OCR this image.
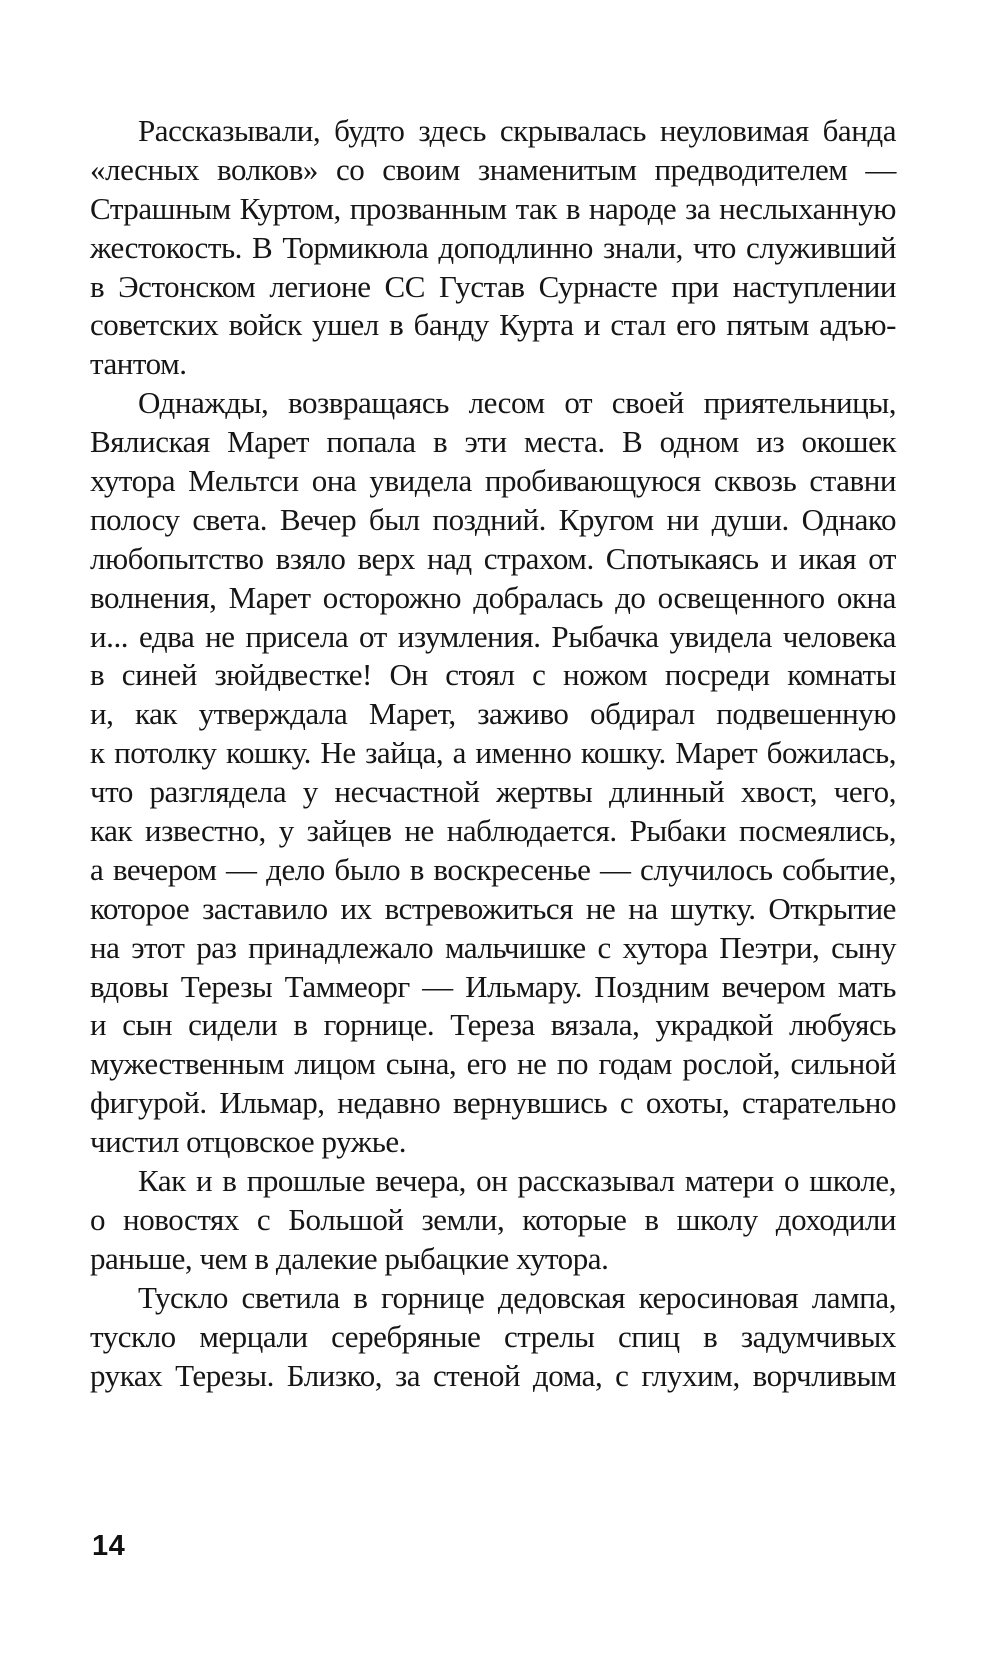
Рассказывали, будто здесь скрывалась неуловимая банда
«лесных волков» со своим знаменитым предводителем —
Страшным Куртом, прозванным так в народе за неслыханную
жестокость. В Тормикюла доподлинно знали, что служивший
в Эстонском легионе СС Густав Сурнасте при наступлении
советских войск ушел в банду Курта и стал его пятым адъю-
тантом.
Однажды, возвращаясь лесом от своей приятельницы,
Вялиская Марет попала в эти места. В одном из окошек
хутора Мельтси она увидела пробивающуюся сквозь ставни
полосу света. Вечер был поздний. Кругом ни души. Однако
любопытство взяло верх над страхом. Спотыкаясь и икая от
волнения, Марет осторожно добралась до освещенного окна
и... едва не присела от изумления. Рыбачка увидела человека
в синей зюйдвестке! Он стоял с ножом посреди комнаты
и, как утверждала Марет, заживо обдирал подвешенную
к потолку кошку. Не зайца, а именно кошку. Марет божилась,
что разглядела у несчастной жертвы длинный хвост, чего,
как известно, у зайцев не наблюдается. Рыбаки посмеялись,
а вечером — дело было в воскресенье — случилось событие,
которое заставило их встревожиться не на шутку. Открытие
на этот раз принадлежало мальчишке с хутора Пеэтри, сыну
вдовы Терезы Таммеорг — Ильмару. Поздним вечером мать
и сын сидели в горнице. Тереза вязала, украдкой любуясь
мужественным лицом сына, его не по годам рослой, сильной
фигурой. Ильмар, недавно вернувшись с охоты, старательно
чистил отцовское ружье.
Как и в прошлые вечера, он рассказывал матери о школе,
о новостях с Большой земли, которые в школу доходили
раньше, чем в далекие рыбацкие хутора.
Тускло светила в горнице дедовская керосиновая лампа,
тускло мерцали серебряные стрелы спиц в задумчивых
руках Терезы. Близко, за стеной дома, с глухим, ворчливым
14
